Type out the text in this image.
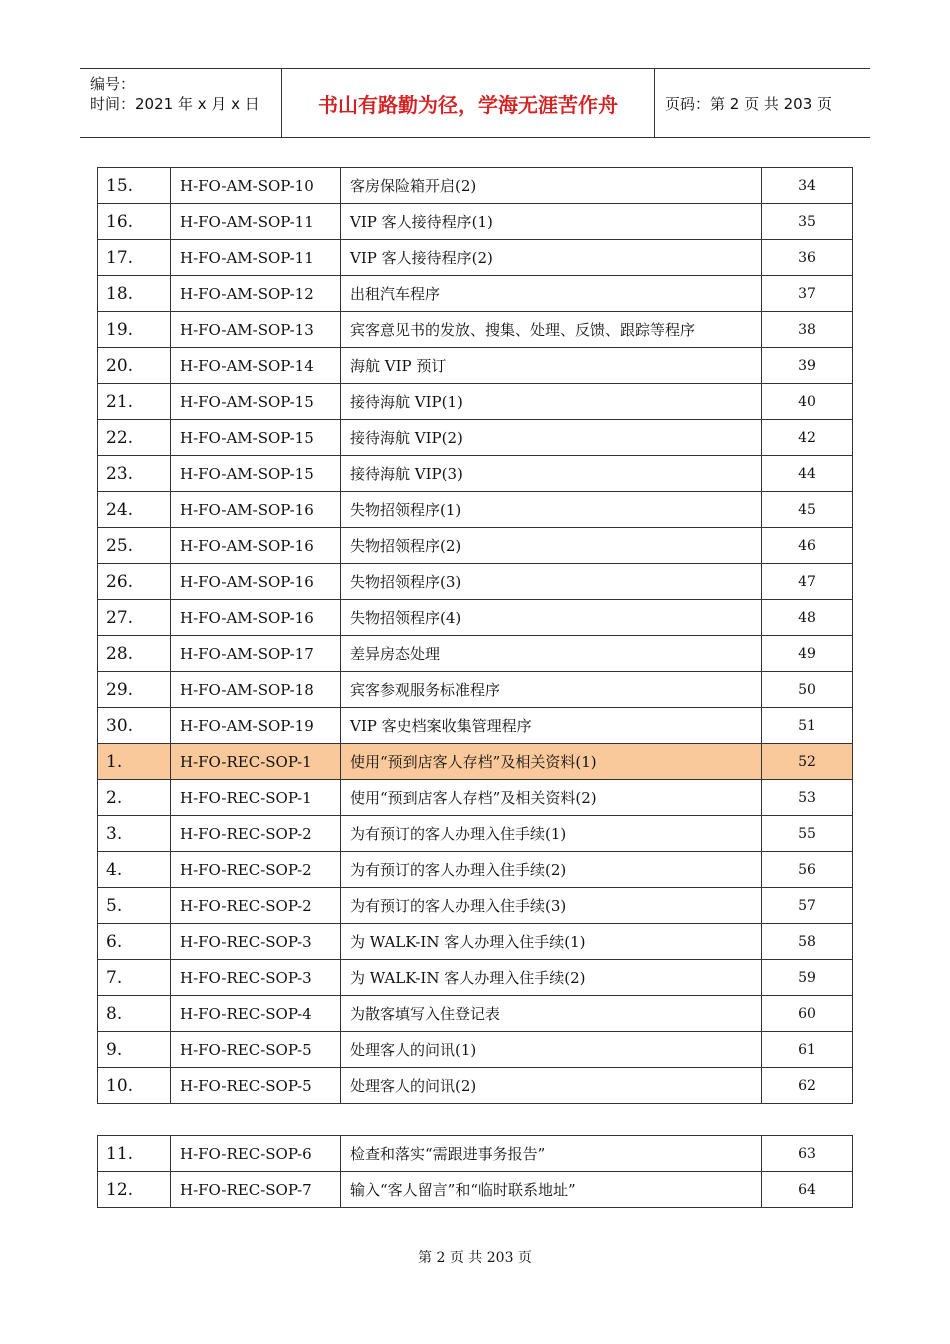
编号：
时间：2021 年 x 月 x 日	书山有路勤为径，学海无涯苦作舟	页码：第 2 页 共 203 页
15.	H-FO-AM-SOP-10	客房保险箱开启(2)	34
16.	H-FO-AM-SOP-11	VIP 客人接待程序(1)	35
17.	H-FO-AM-SOP-11	VIP 客人接待程序(2)	36
18.	H-FO-AM-SOP-12	出租汽车程序	37
19.	H-FO-AM-SOP-13	宾客意见书的发放、搜集、处理、反馈、跟踪等程序	38
20.	H-FO-AM-SOP-14	海航 VIP 预订	39
21.	H-FO-AM-SOP-15	接待海航 VIP(1)	40
22.	H-FO-AM-SOP-15	接待海航 VIP(2)	42
23.	H-FO-AM-SOP-15	接待海航 VIP(3)	44
24.	H-FO-AM-SOP-16	失物招领程序(1)	45
25.	H-FO-AM-SOP-16	失物招领程序(2)	46
26.	H-FO-AM-SOP-16	失物招领程序(3)	47
27.	H-FO-AM-SOP-16	失物招领程序(4)	48
28.	H-FO-AM-SOP-17	差异房态处理	49
29.	H-FO-AM-SOP-18	宾客参观服务标准程序	50
30.	H-FO-AM-SOP-19	VIP 客史档案收集管理程序	51
1.	H-FO-REC-SOP-1	使用“预到店客人存档”及相关资料(1)	52
2.	H-FO-REC-SOP-1	使用“预到店客人存档”及相关资料(2)	53
3.	H-FO-REC-SOP-2	为有预订的客人办理入住手续(1)	55
4.	H-FO-REC-SOP-2	为有预订的客人办理入住手续(2)	56
5.	H-FO-REC-SOP-2	为有预订的客人办理入住手续(3)	57
6.	H-FO-REC-SOP-3	为 WALK-IN 客人办理入住手续(1)	58
7.	H-FO-REC-SOP-3	为 WALK-IN 客人办理入住手续(2)	59
8.	H-FO-REC-SOP-4	为散客填写入住登记表	60
9.	H-FO-REC-SOP-5	处理客人的问讯(1)	61
10.	H-FO-REC-SOP-5	处理客人的问讯(2)	62
11.	H-FO-REC-SOP-6	检查和落实“需跟进事务报告”	63
12.	H-FO-REC-SOP-7	输入“客人留言”和“临时联系地址”	64
第 2 页 共 203 页
